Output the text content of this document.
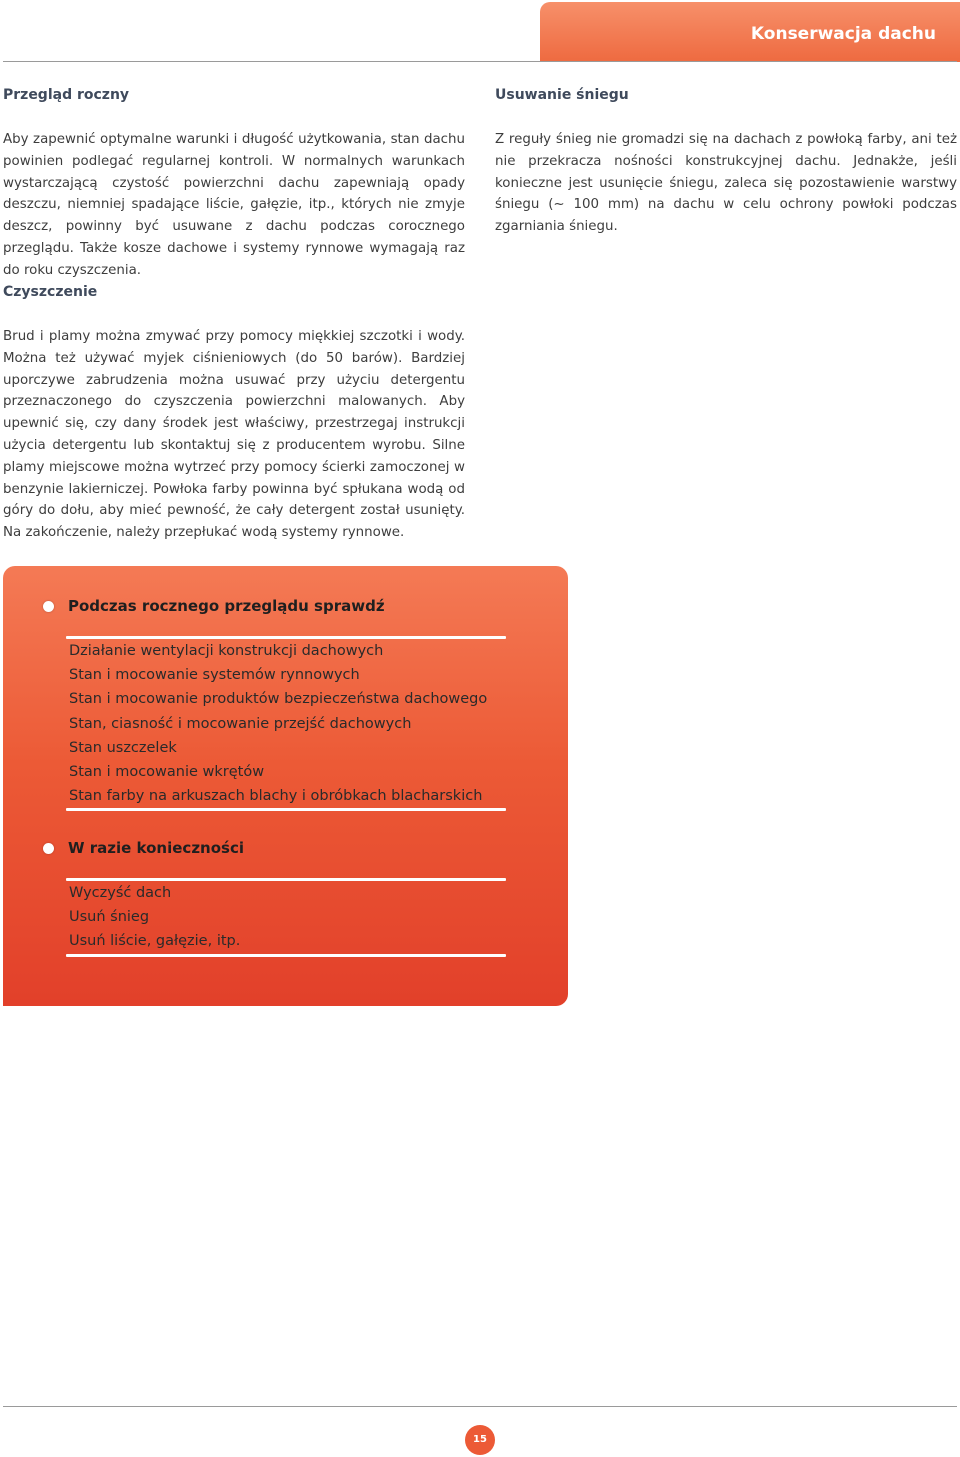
Konserwacja dachu
Przegląd roczny

Aby zapewnić optymalne warunki i długość użytkowania, stan dachu powinien podlegać regularnej kontroli. W normalnych warunkach wystarczającą czystość powierzchni dachu zapewniają opady deszczu, niemniej spadające liście, gałęzie, itp., których nie zmyje deszcz, powinny być usuwane z dachu podczas corocznego przeglądu. Także kosze dachowe i systemy rynnowe wymagają raz do roku czyszczenia.

Usuwanie śniegu

Z reguły śnieg nie gromadzi się na dachach z powłoką farby, ani też nie przekracza nośności konstrukcyjnej dachu. Jednakże, jeśli konieczne jest usunięcie śniegu, zaleca się pozostawienie warstwy śniegu (~ 100 mm) na dachu w celu ochrony powłoki podczas zgarniania śniegu.

Czyszczenie

Brud i plamy można zmywać przy pomocy miękkiej szczotki i wody. Można też używać myjek ciśnieniowych (do 50 barów). Bardziej uporczywe zabrudzenia można usuwać przy użyciu detergentu przeznaczonego do czyszczenia powierzchni malowanych. Aby upewnić się, czy dany środek jest właściwy, przestrzegaj instrukcji użycia detergentu lub skontaktuj się z producentem wyrobu. Silne plamy miejscowe można wytrzeć przy pomocy ścierki zamoczonej w benzynie lakierniczej. Powłoka farby powinna być spłukana wodą od góry do dołu, aby mieć pewność, że cały detergent został usunięty. Na zakończenie, należy przepłukać wodą systemy rynnowe.

Podczas rocznego przeglądu sprawdź
Działanie wentylacji konstrukcji dachowych
Stan i mocowanie systemów rynnowych
Stan i mocowanie produktów bezpieczeństwa dachowego
Stan, ciasność i mocowanie przejść dachowych
Stan uszczelek
Stan i mocowanie wkrętów
Stan farby na arkuszach blachy i obróbkach blacharskich
W razie konieczności
Wyczyść dach
Usuń śnieg
Usuń liście, gałęzie, itp.
15
